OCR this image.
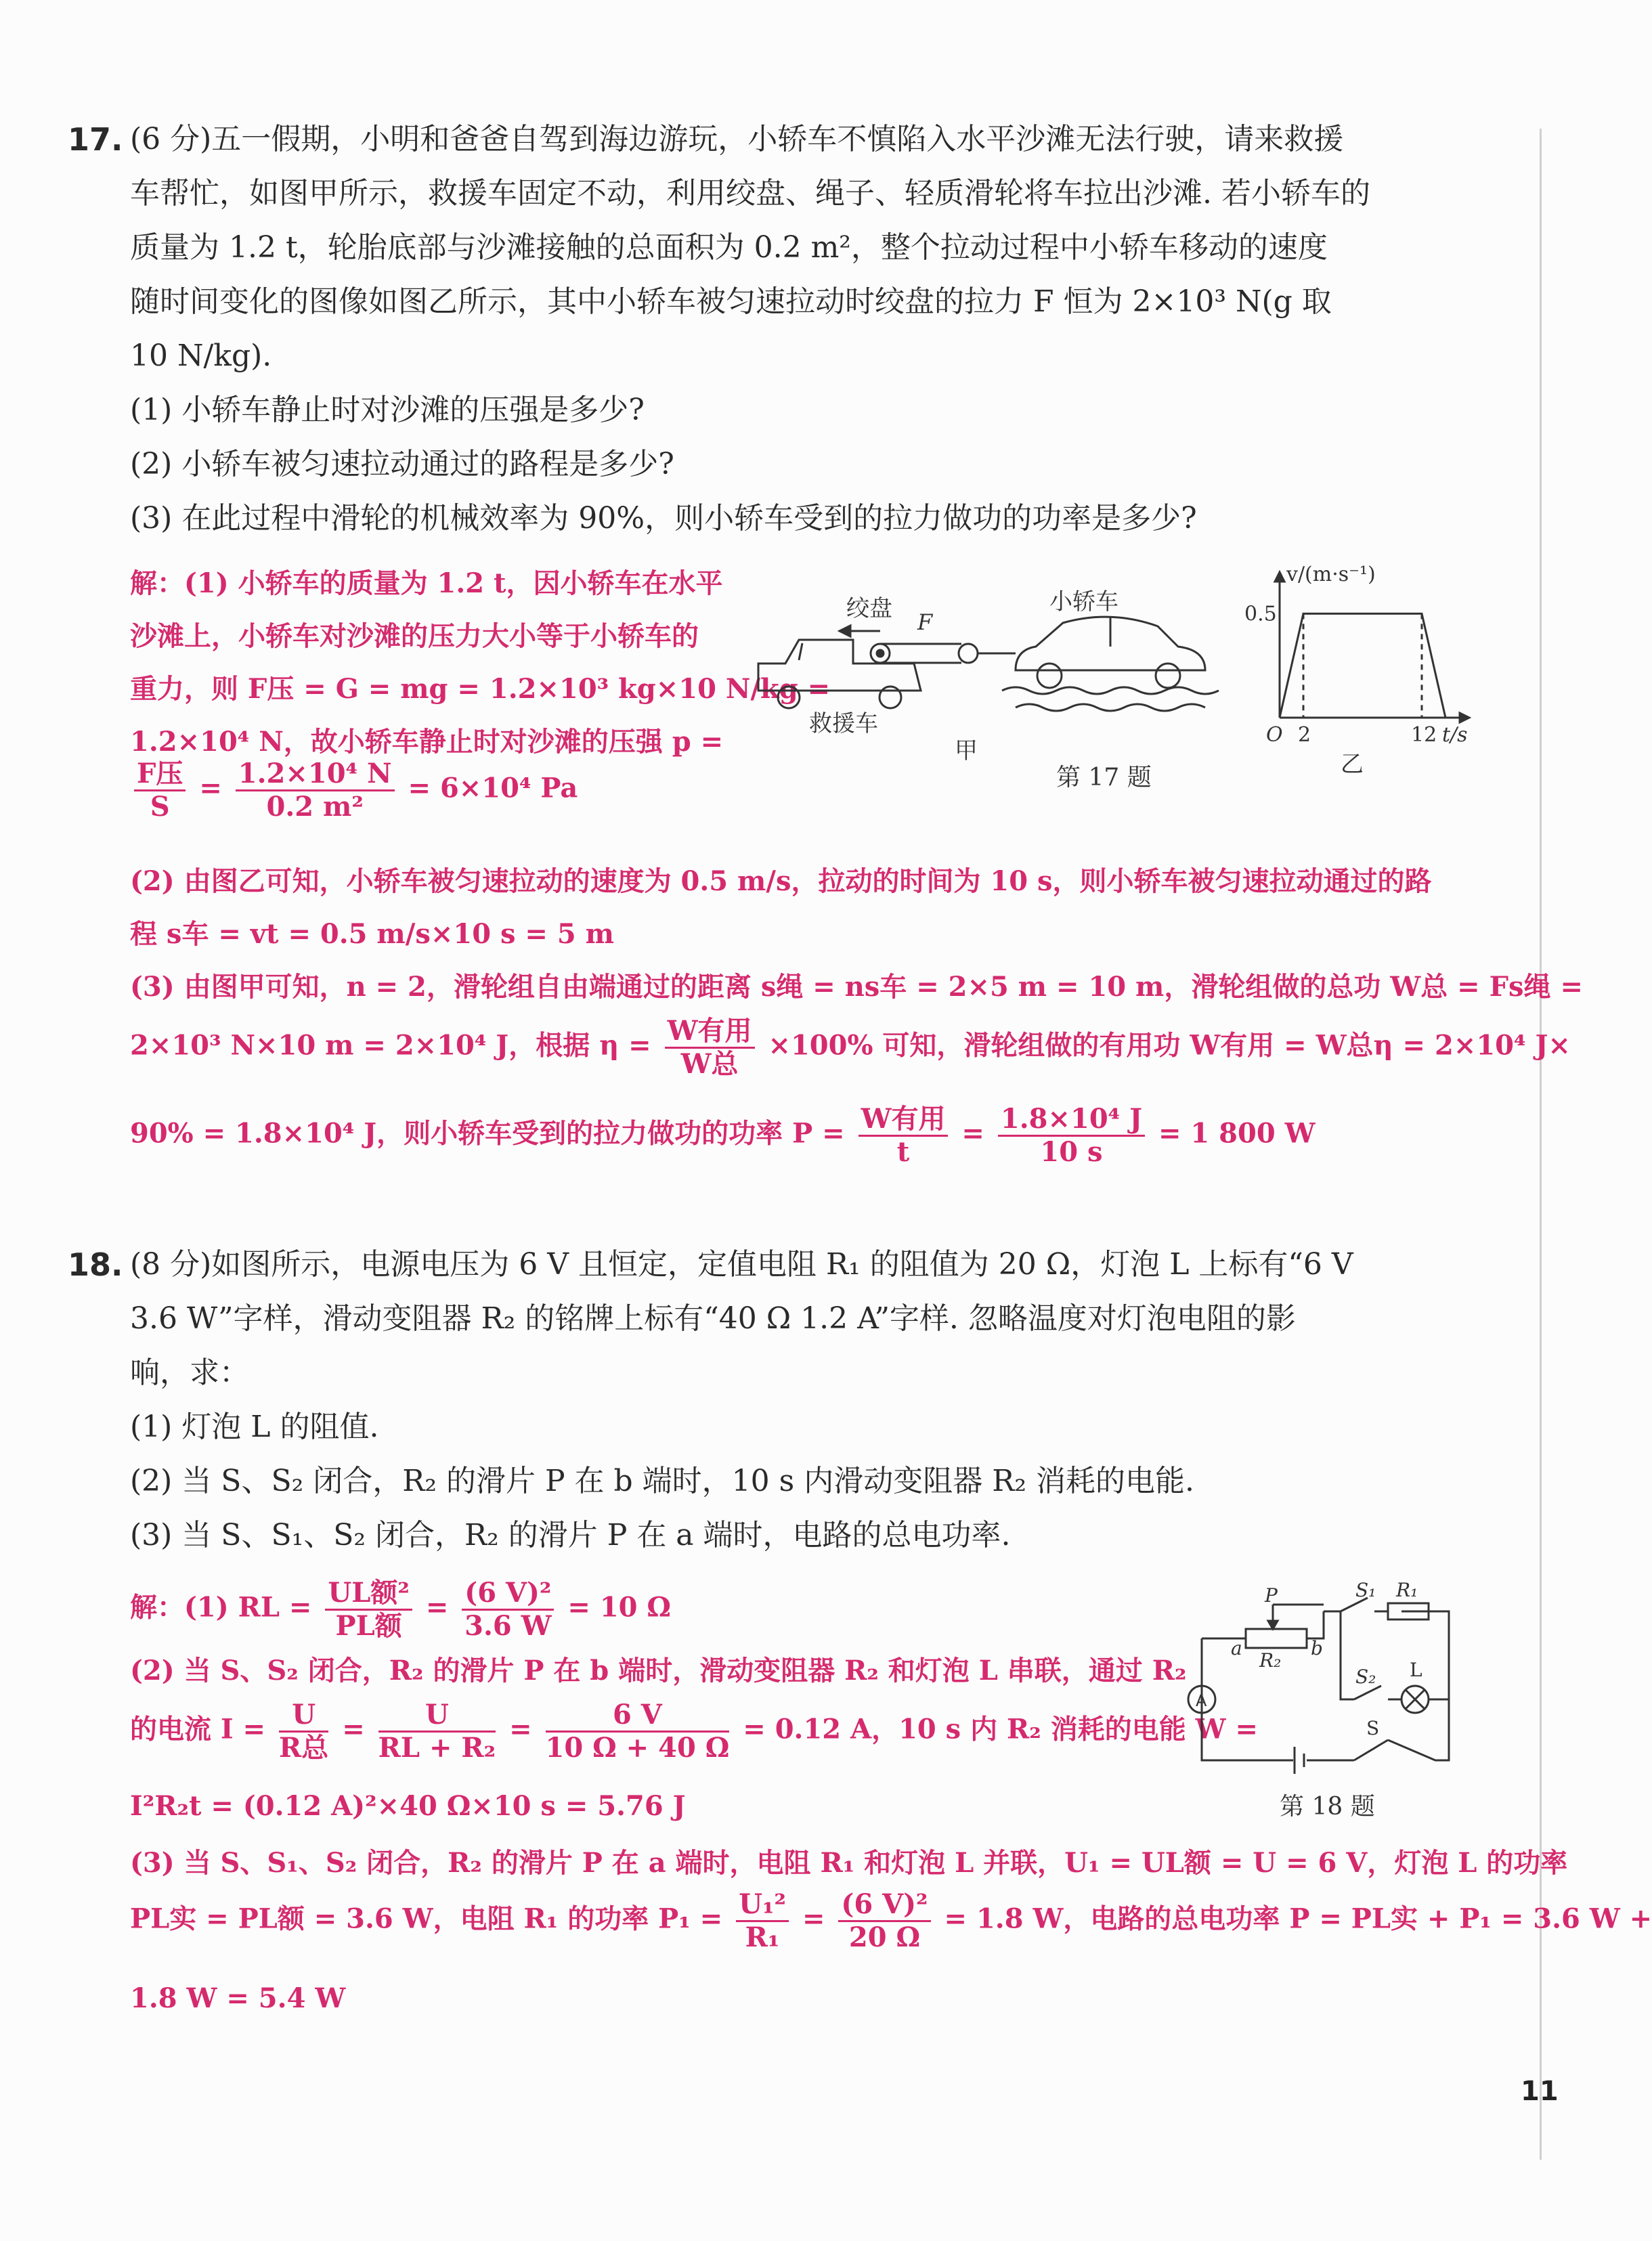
17. (6 分)五一假期，小明和爸爸自驾到海边游玩，小轿车不慎陷入水平沙滩无法行驶，请来救援
车帮忙，如图甲所示，救援车固定不动，利用绞盘、绳子、轻质滑轮将车拉出沙滩. 若小轿车的
质量为 1.2 t，轮胎底部与沙滩接触的总面积为 0.2 m²，整个拉动过程中小轿车移动的速度
随时间变化的图像如图乙所示，其中小轿车被匀速拉动时绞盘的拉力 F 恒为 2×10³ N(g 取
10 N/kg).
(1) 小轿车静止时对沙滩的压强是多少?
(2) 小轿车被匀速拉动通过的路程是多少?
(3) 在此过程中滑轮的机械效率为 90%，则小轿车受到的拉力做功的功率是多少?
解：(1) 小轿车的质量为 1.2 t，因小轿车在水平
沙滩上，小轿车对沙滩的压力大小等于小轿车的
重力，则 F压 = G = mg = 1.2×10³ kg×10 N/kg =
1.2×10⁴ N，故小轿车静止时对沙滩的压强 p =
$\frac{\text{F压}}{S} = \frac{\text{1.2×10⁴ N}}{\text{0.2 m²}} = 6\times 10^4$ Pa
(2) 由图乙可知，小轿车被匀速拉动的速度为 0.5 m/s，拉动的时间为 10 s，则小轿车被匀速拉动通过的路
程 s车 = vt = 0.5 m/s×10 s = 5 m
(3) 由图甲可知，n = 2，滑轮组自由端通过的距离 s绳 = ns车 = 2×5 m = 10 m，滑轮组做的总功 W总 = Fs绳 =
2×10³ N×10 m = 2×10⁴ J，根据 $\eta = \frac{\text{W有用}}{\text{W总}} \times 100\%$ 可知，滑轮组做的有用功 W有用 = W总η = 2×10⁴ J×
90% = 1.8×10⁴ J，则小轿车受到的拉力做功的功率 $P = \frac{\text{W有用}}{t} = \frac{\text{1.8×10⁴ J}}{10 s} = 1$ 800 W
绞盘 F
小轿车
救援车
甲
v/(m·s⁻¹)
0.5
O 2	12 t/s
乙
第 17 题
18. (8 分)如图所示，电源电压为 6 V 且恒定，定值电阻 R₁ 的阻值为 20 Ω，灯泡 L 上标有“6 V
3.6 W”字样，滑动变阻器 R₂ 的铭牌上标有“40 Ω 1.2 A”字样. 忽略温度对灯泡电阻的影
响，求：
(1) 灯泡 L 的阻值.
(2) 当 S、S₂ 闭合，R₂ 的滑片 P 在 b 端时，10 s 内滑动变阻器 R₂ 消耗的电能.
(3) 当 S、S₁、S₂ 闭合，R₂ 的滑片 P 在 a 端时，电路的总电功率.
解：(1) RL = $\frac{\text{UL额²}}{\text{PL额}} = \frac{\text{(6 V)²}}{3.6 W} = 10$ Ω
(2) 当 S、S₂ 闭合，R₂ 的滑片 P 在 b 端时，滑动变阻器 R₂ 和灯泡 L 串联，通过 R₂
的电流 $I = \frac{U}{\text{R总}} = \frac{U}{\text{RL + R₂}} = \frac{6 V}{10 \Omega + 40 \Omega} = 0.12$ A，10 s 内 R₂ 消耗的电能 W =
I²R₂t = (0.12 A)²×40 Ω×10 s = 5.76 J
(3) 当 S、S₁、S₂ 闭合，R₂ 的滑片 P 在 a 端时，电阻 R₁ 和灯泡 L 并联，U₁ = UL额 = U = 6 V，灯泡 L 的功率
PL实 = PL额 = 3.6 W，电阻 R₁ 的功率 $P_1 = \frac{\text{U₁²}}{\text{R₁}} = \frac{\text{(6 V)²}}{20 \Omega} = 1.8$ W，电路的总电功率 P = PL实 + P₁ = 3.6 W +
1.8 W = 5.4 W
A
P
a	b
R₂
S₁ R₁
S₂ L
S
第 18 题
11
